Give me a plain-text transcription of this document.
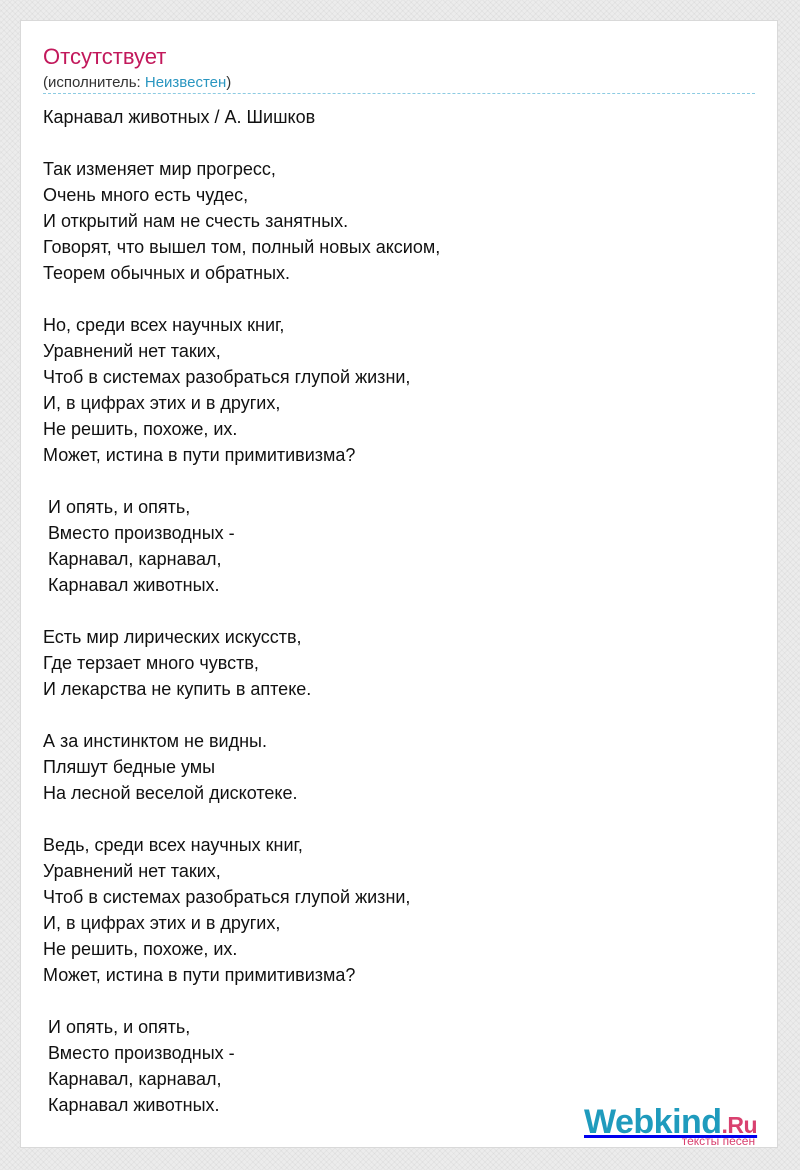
Отсутствует
(исполнитель: Неизвестен)
Карнавал животных / А. Шишков

Так изменяет мир прогресс,
Очень много есть чудес,
И открытий нам не счесть занятных.
Говорят, что вышел том, полный новых аксиом,
Теорем обычных и обратных.

Но, среди всех научных книг,
Уравнений нет таких,
Чтоб в системах разобраться глупой жизни,
И, в цифрах этих и в других,
Не решить, похоже, их.
Может, истина в пути примитивизма?

И опять, и опять,
Вместо производных -
Карнавал, карнавал,
Карнавал животных.

Есть мир лирических искусств,
Где терзает много чувств,
И лекарства не купить в аптеке.

А за инстинктом не видны.
Пляшут бедные умы
На лесной веселой дискотеке.

Ведь, среди всех научных книг,
Уравнений нет таких,
Чтоб в системах разобраться глупой жизни,
И, в цифрах этих и в других,
Не решить, похоже, их.
Может, истина в пути примитивизма?

И опять, и опять,
Вместо производных -
Карнавал, карнавал,
Карнавал животных.	Webkind.Ru
тексты песен
